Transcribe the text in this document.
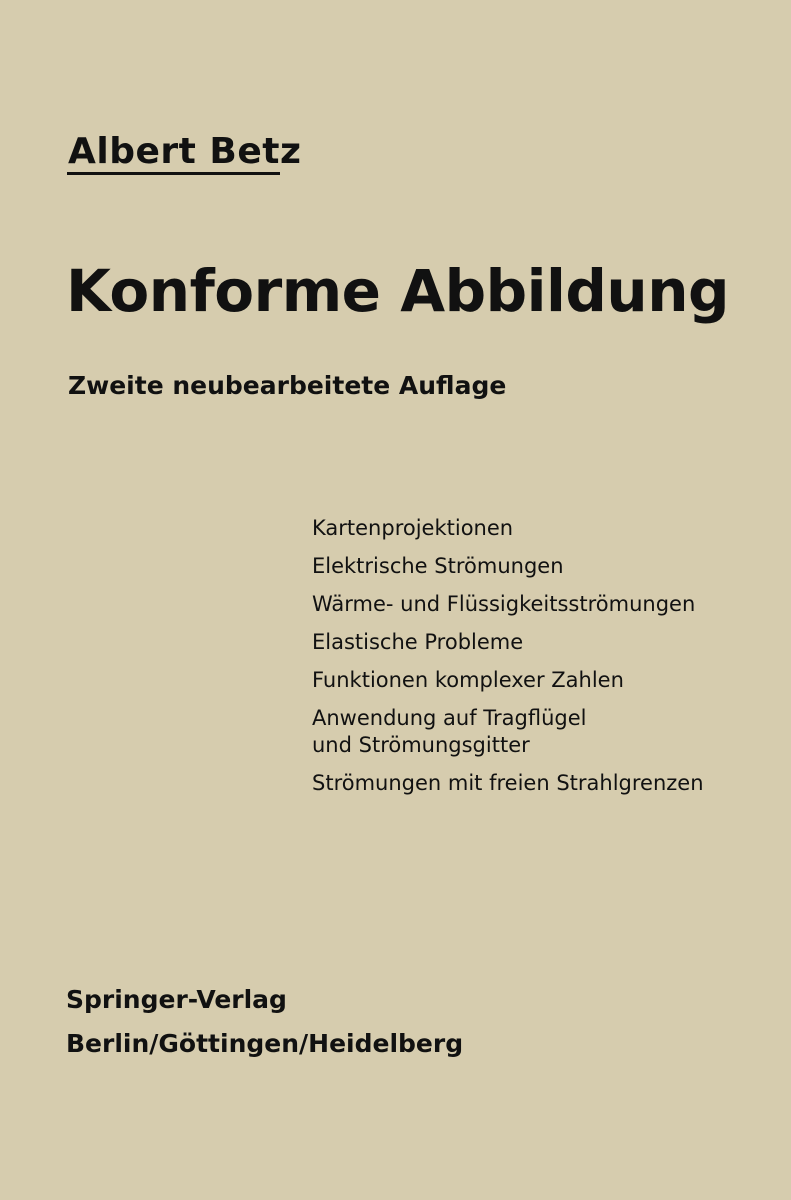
Albert Betz
Konforme Abbildung
Zweite neubearbeitete Auflage
Kartenprojektionen
Elektrische Strömungen
Wärme- und Flüssigkeitsströmungen
Elastische Probleme
Funktionen komplexer Zahlen
Anwendung auf Tragflügel
und Strömungsgitter
Strömungen mit freien Strahlgrenzen
Springer-Verlag
Berlin/Göttingen/Heidelberg
